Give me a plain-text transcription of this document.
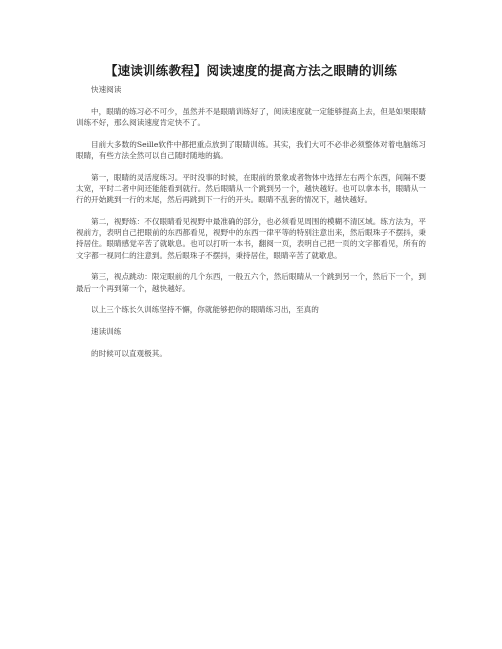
【速读训练教程】阅读速度的提高方法之眼睛的训练

快速阅读

中，眼睛的练习必不可少，虽然并不是眼睛训练好了，阅读速度就一定能够提高上去，但是如果眼睛训练不好，那么阅读速度肯定快不了。

目前大多数的Seille软件中都把重点放到了眼睛训练。其实，我们大可不必非必须整体对着电脑练习眼睛，有些方法全然可以自己随时随地的搞。

第一，眼睛的灵活度练习。平时没事的时候，在眼前的景象或者物体中选择左右两个东西，间隔不要太宽，平时二者中间还能能看到就行。然后眼睛从一个跳到另一个，越快越好。也可以拿本书，眼睛从一行的开始跳到一行的末尾，然后再跳到下一行的开头。眼睛不乱套的情况下，越快越好。

第二，视野练：不仅眼睛看见视野中最准确的部分，也必须看见周围的模糊不清区域。练方法为，平视前方，表明自己把眼前的东西都看见，视野中的东西一律平等的特别注意出来，然后眼珠子不摆抖，秉持居住。眼睛感觉辛苦了就歇息。也可以打听一本书，翻阅一页，表明自己把一页的文字都看见，所有的文字都一视同仁的注意到。然后眼珠子不摆抖，秉持居住，眼睛辛苦了就歇息。

第三，视点跳动：限定眼前的几个东西，一般五六个，然后眼睛从一个跳到另一个，然后下一个，到最后一个再到第一个，越快越好。

以上三个练长久训练坚持不懈，你就能够把你的眼睛练习出，至真的

速读训练

的时候可以直观极其。
